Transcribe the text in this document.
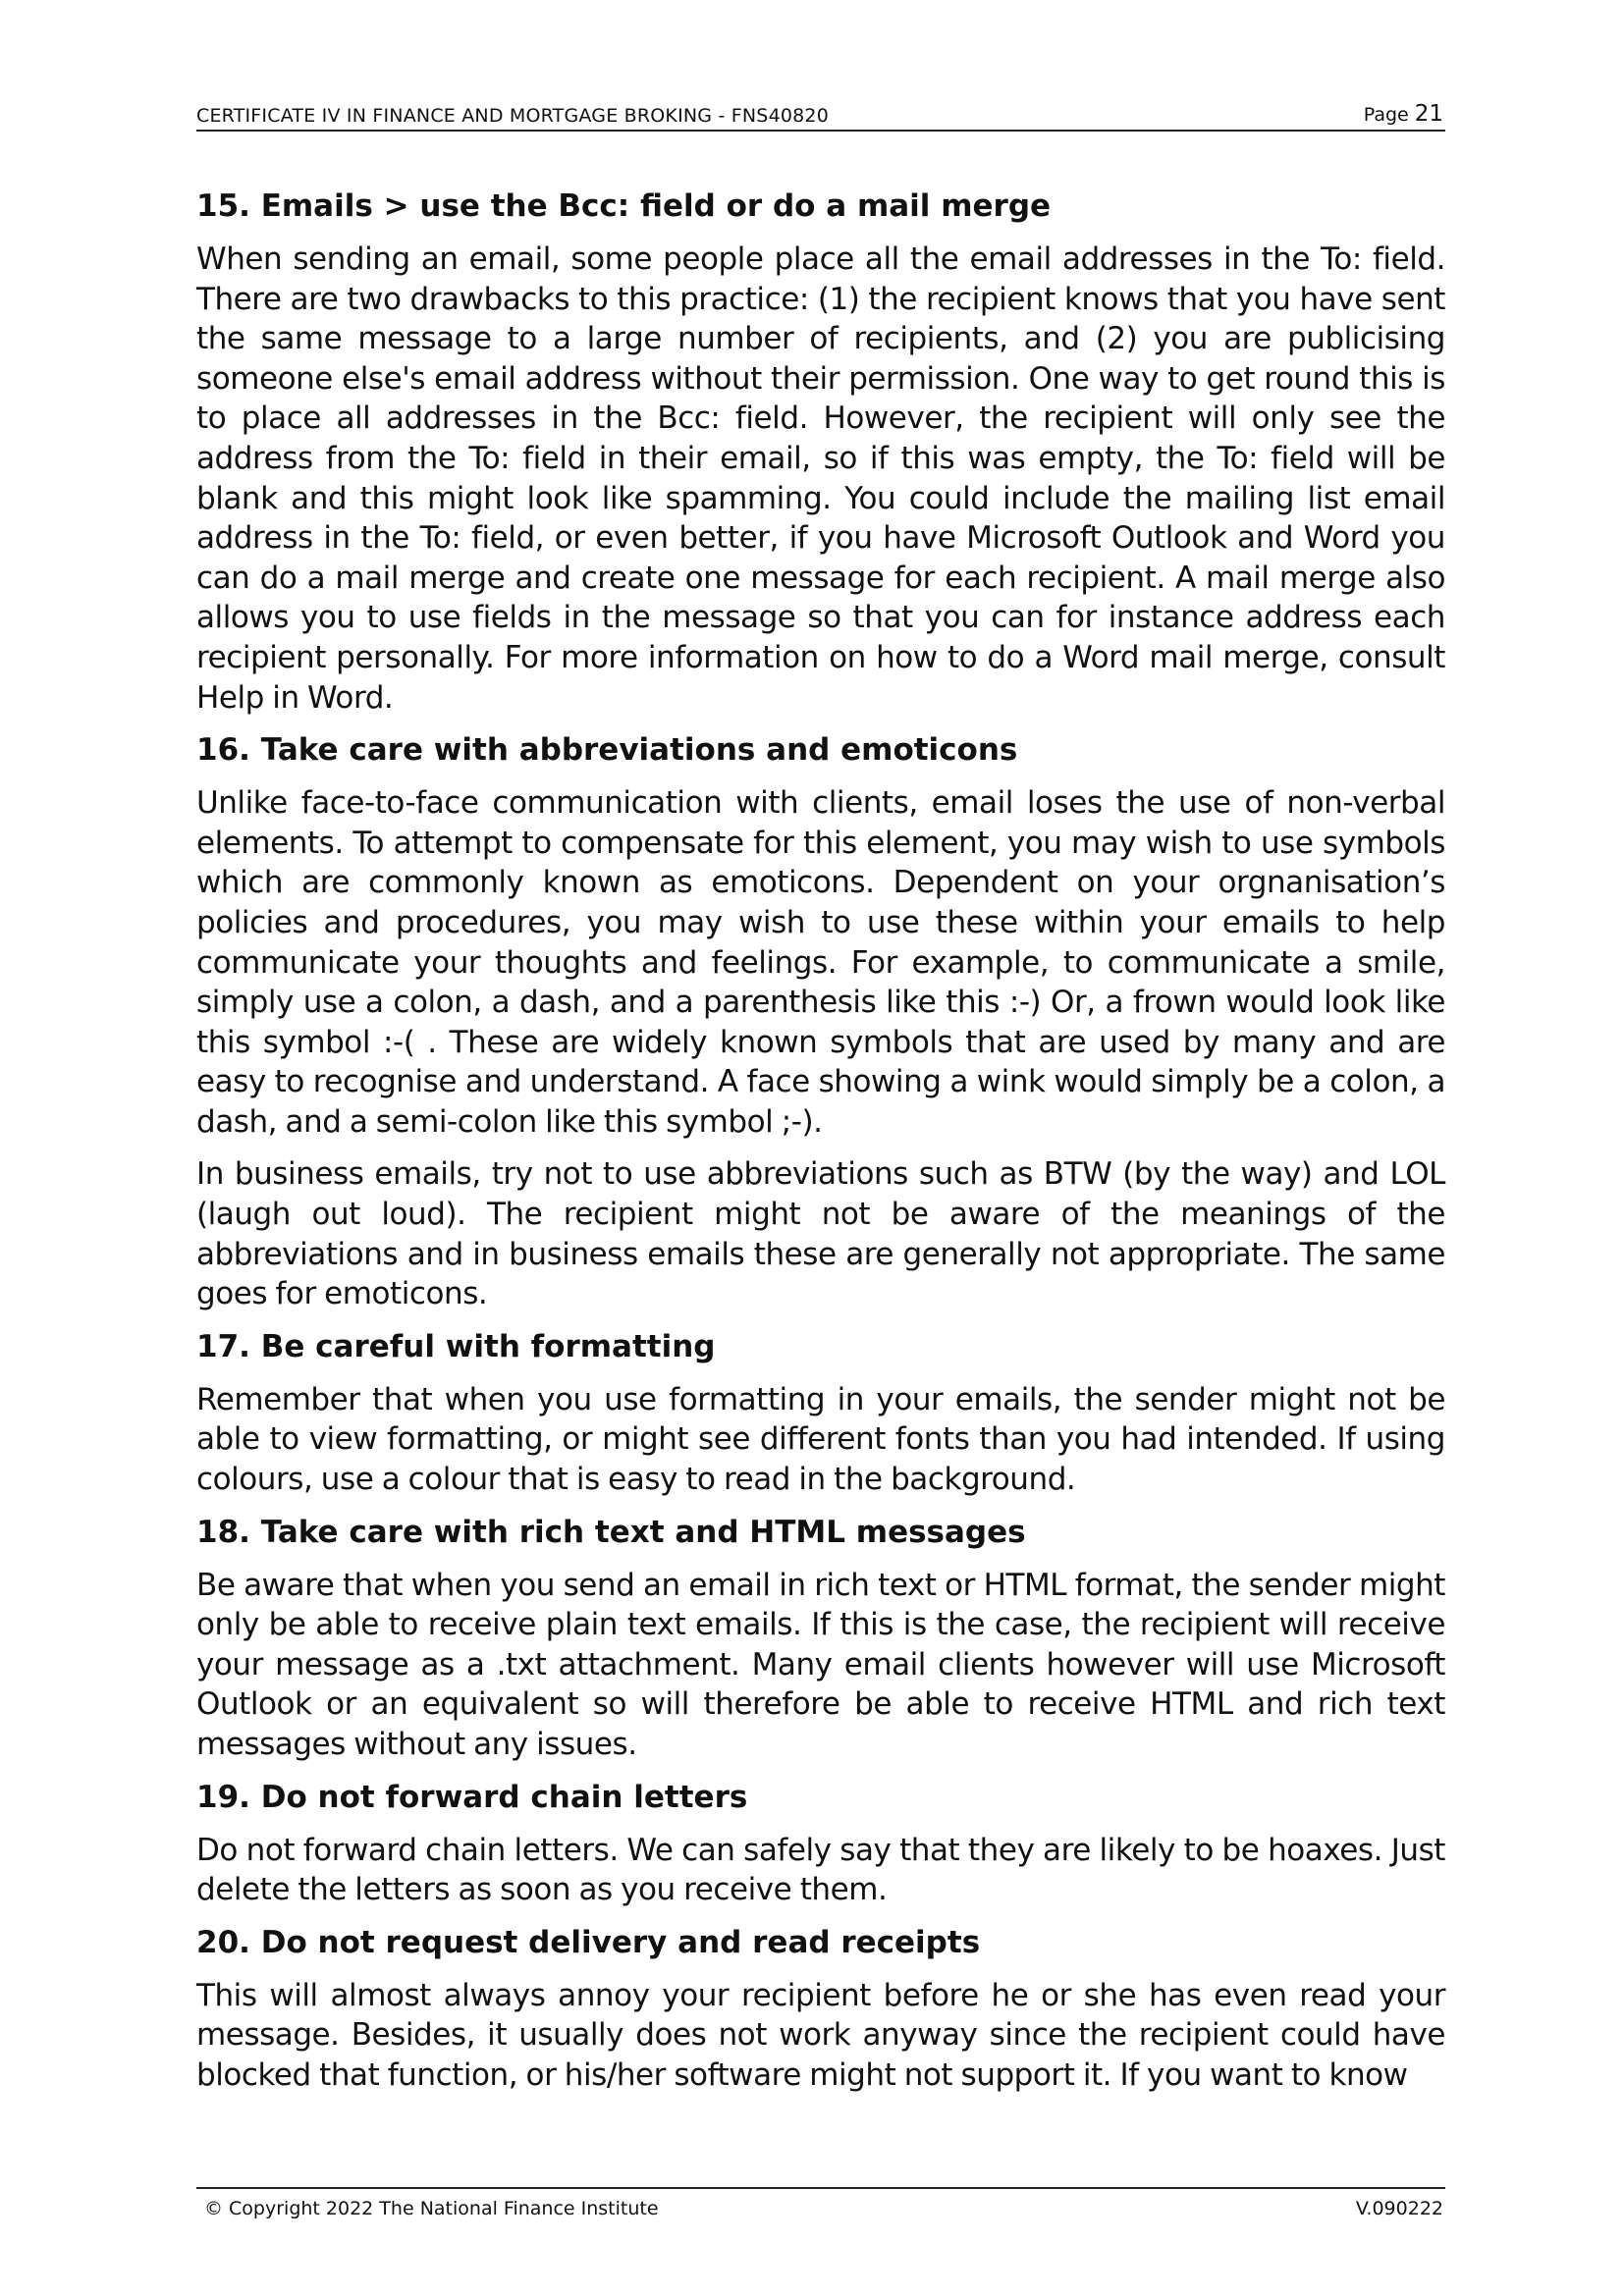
CERTIFICATE IV IN FINANCE AND MORTGAGE BROKING - FNS40820	Page 21
15. Emails > use the Bcc: field or do a mail merge

When sending an email, some people place all the email addresses in the To: field. There are two drawbacks to this practice: (1) the recipient knows that you have sent the same message to a large number of recipients, and (2) you are publicising someone else's email address without their permission. One way to get round this is to place all addresses in the Bcc: field. However, the recipient will only see the address from the To: field in their email, so if this was empty, the To: field will be blank and this might look like spamming. You could include the mailing list email address in the To: field, or even better, if you have Microsoft Outlook and Word you can do a mail merge and create one message for each recipient. A mail merge also allows you to use fields in the message so that you can for instance address each recipient personally. For more information on how to do a Word mail merge, consult Help in Word.

16. Take care with abbreviations and emoticons

Unlike face-to-face communication with clients, email loses the use of non-verbal elements. To attempt to compensate for this element, you may wish to use symbols which are commonly known as emoticons. Dependent on your orgnanisation’s policies and procedures, you may wish to use these within your emails to help communicate your thoughts and feelings. For example, to communicate a smile, simply use a colon, a dash, and a parenthesis like this :-) Or, a frown would look like this symbol :-( . These are widely known symbols that are used by many and are easy to recognise and understand. A face showing a wink would simply be a colon, a dash, and a semi-colon like this symbol ;-).

In business emails, try not to use abbreviations such as BTW (by the way) and LOL (laugh out loud). The recipient might not be aware of the meanings of the abbreviations and in business emails these are generally not appropriate. The same goes for emoticons.

17. Be careful with formatting

Remember that when you use formatting in your emails, the sender might not be able to view formatting, or might see different fonts than you had intended. If using colours, use a colour that is easy to read in the background.

18. Take care with rich text and HTML messages

Be aware that when you send an email in rich text or HTML format, the sender might only be able to receive plain text emails. If this is the case, the recipient will receive your message as a .txt attachment. Many email clients however will use Microsoft Outlook or an equivalent so will therefore be able to receive HTML and rich text messages without any issues.

19. Do not forward chain letters

Do not forward chain letters. We can safely say that they are likely to be hoaxes. Just delete the letters as soon as you receive them.

20. Do not request delivery and read receipts

This will almost always annoy your recipient before he or she has even read your message. Besides, it usually does not work anyway since the recipient could have blocked that function, or his/her software might not support it. If you want to know

© Copyright 2022 The National Finance Institute	V.090222
